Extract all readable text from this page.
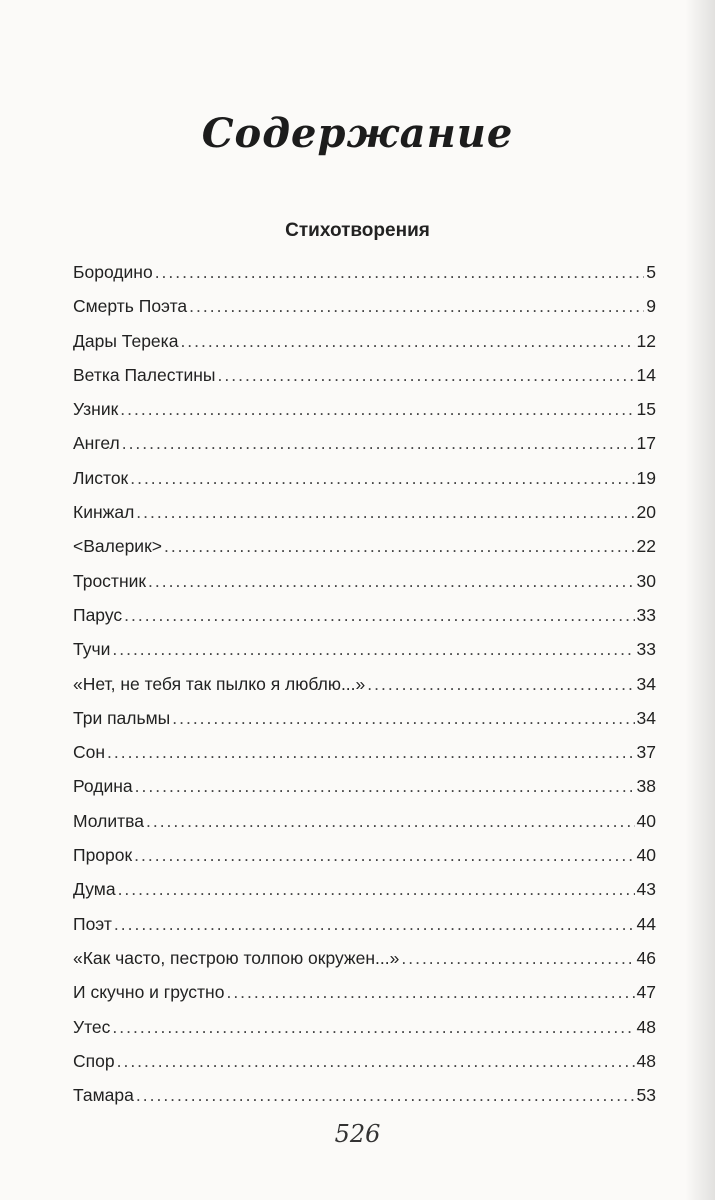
Содержание
Стихотворения
Бородино .....	5
Смерть Поэта .....	9
Дары Терека .....	12
Ветка Палестины .....	14
Узник .....	15
Ангел .....	17
Листок .....	19
Кинжал .....	20
<Валерик> .....	22
Тростник .....	30
Парус .....	33
Тучи .....	33
«Нет, не тебя так пылко я люблю...» .....	34
Три пальмы .....	34
Сон .....	37
Родина .....	38
Молитва .....	40
Пророк .....	40
Дума .....	43
Поэт .....	44
«Как часто, пестрою толпою окружен...» .....	46
И скучно и грустно .....	47
Утес .....	48
Спор .....	48
Тамара .....	53
526
